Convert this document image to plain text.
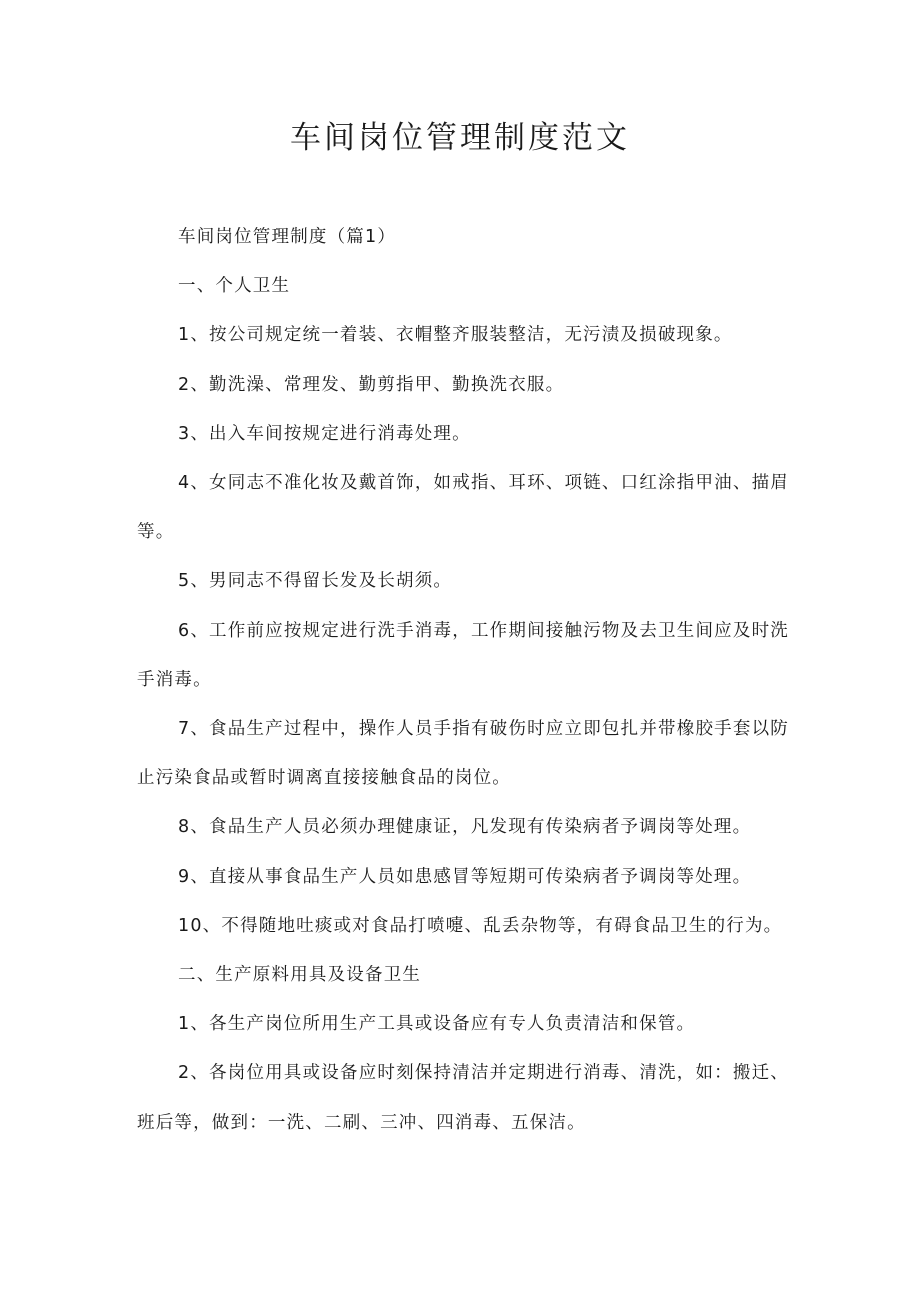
车间岗位管理制度范文

车间岗位管理制度（篇1）

一、个人卫生

1、按公司规定统一着装、衣帽整齐服装整洁，无污渍及损破现象。

2、勤洗澡、常理发、勤剪指甲、勤换洗衣服。

3、出入车间按规定进行消毒处理。

4、女同志不准化妆及戴首饰，如戒指、耳环、项链、口红涂指甲油、描眉等。

5、男同志不得留长发及长胡须。

6、工作前应按规定进行洗手消毒，工作期间接触污物及去卫生间应及时洗手消毒。

7、食品生产过程中，操作人员手指有破伤时应立即包扎并带橡胶手套以防止污染食品或暂时调离直接接触食品的岗位。

8、食品生产人员必须办理健康证，凡发现有传染病者予调岗等处理。

9、直接从事食品生产人员如患感冒等短期可传染病者予调岗等处理。

10、不得随地吐痰或对食品打喷嚏、乱丢杂物等，有碍食品卫生的行为。

二、生产原料用具及设备卫生

1、各生产岗位所用生产工具或设备应有专人负责清洁和保管。

2、各岗位用具或设备应时刻保持清洁并定期进行消毒、清洗，如：搬迁、班后等，做到：一洗、二刷、三冲、四消毒、五保洁。
